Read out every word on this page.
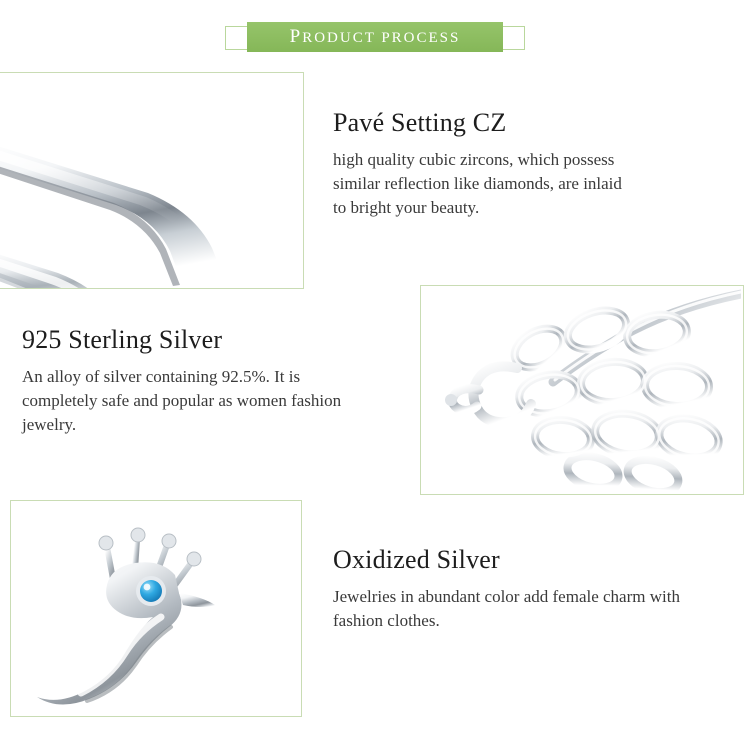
PRODUCT PROCESS
Pavé Setting CZ

high quality cubic zircons, which possess similar reflection like diamonds, are inlaid to bright your beauty.

925 Sterling Silver

An alloy of silver containing 92.5%. It is completely safe and popular as women fashion jewelry.

Oxidized Silver

Jewelries in abundant color add female charm with fashion clothes.
